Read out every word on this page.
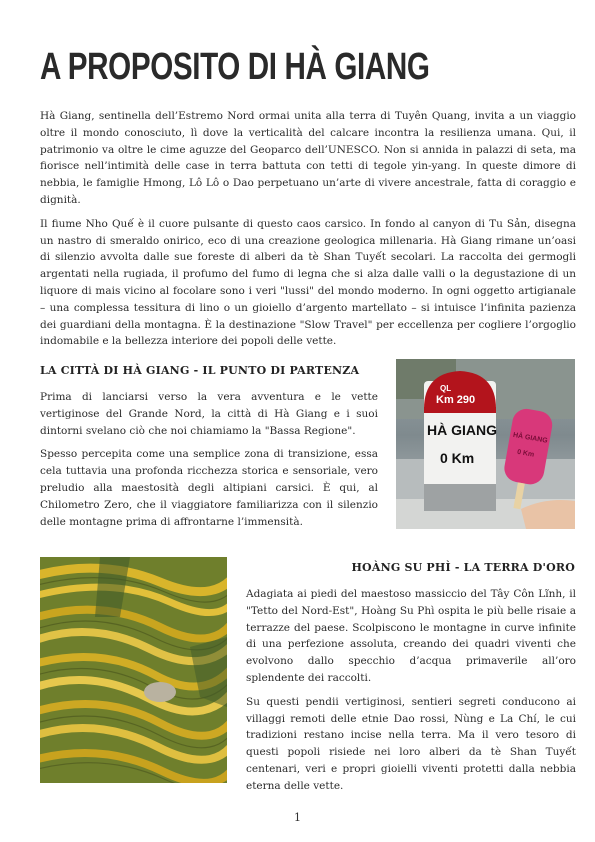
A PROPOSITO DI HÀ GIANG

Hà Giang, sentinella dell’Estremo Nord ormai unita alla terra di Tuyên Quang, invita a un viaggio oltre il mondo conosciuto, lì dove la verticalità del calcare incontra la resilienza umana. Qui, il patrimonio va oltre le cime aguzze del Geoparco dell’UNESCO. Non si annida in palazzi di seta, ma fiorisce nell’intimità delle case in terra battuta con tetti di tegole yin-yang. In queste dimore di nebbia, le famiglie Hmong, Lô Lô o Dao perpetuano un’arte di vivere ancestrale, fatta di coraggio e dignità.

Il fiume Nho Quế è il cuore pulsante di questo caos carsico. In fondo al canyon di Tu Sản, disegna un nastro di smeraldo onirico, eco di una creazione geologica millenaria. Hà Giang rimane un’oasi di silenzio avvolta dalle sue foreste di alberi da tè Shan Tuyết secolari. La raccolta dei germogli argentati nella rugiada, il profumo del fumo di legna che si alza dalle valli o la degustazione di un liquore di mais vicino al focolare sono i veri "lussi" del mondo moderno. In ogni oggetto artigianale – una complessa tessitura di lino o un gioiello d’argento martellato – si intuisce l’infinita pazienza dei guardiani della montagna. È la destinazione "Slow Travel" per eccellenza per cogliere l’orgoglio indomabile e la bellezza interiore dei popoli delle vette.

LA CITTÀ DI HÀ GIANG - IL PUNTO DI PARTENZA

Prima di lanciarsi verso la vera avventura e le vette vertiginose del Grande Nord, la città di Hà Giang e i suoi dintorni svelano ciò che noi chiamiamo la "Bassa Regione".

Spesso percepita come una semplice zona di transizione, essa cela tuttavia una profonda ricchezza storica e sensoriale, vero preludio alla maestosità degli altipiani carsici. È qui, al Chilometro Zero, che il viaggiatore familiarizza con il silenzio delle montagne prima di affrontarne l’immensità.

QL
Km 290
HÀ GIANG
0 Km
HÀ GIANG
0 Km
HOÀNG SU PHÌ - LA TERRA D'ORO

Adagiata ai piedi del maestoso massiccio del Tây Côn Lĩnh, il "Tetto del Nord-Est", Hoàng Su Phì ospita le più belle risaie a terrazze del paese. Scolpiscono le montagne in curve infinite di una perfezione assoluta, creando dei quadri viventi che evolvono dallo specchio d’acqua primaverile all’oro splendente dei raccolti.

Su questi pendii vertiginosi, sentieri segreti conducono ai villaggi remoti delle etnie Dao rossi, Nùng e La Chí, le cui tradizioni restano incise nella terra. Ma il vero tesoro di questi popoli risiede nei loro alberi da tè Shan Tuyết centenari, veri e propri gioielli viventi protetti dalla nebbia eterna delle vette.

1
